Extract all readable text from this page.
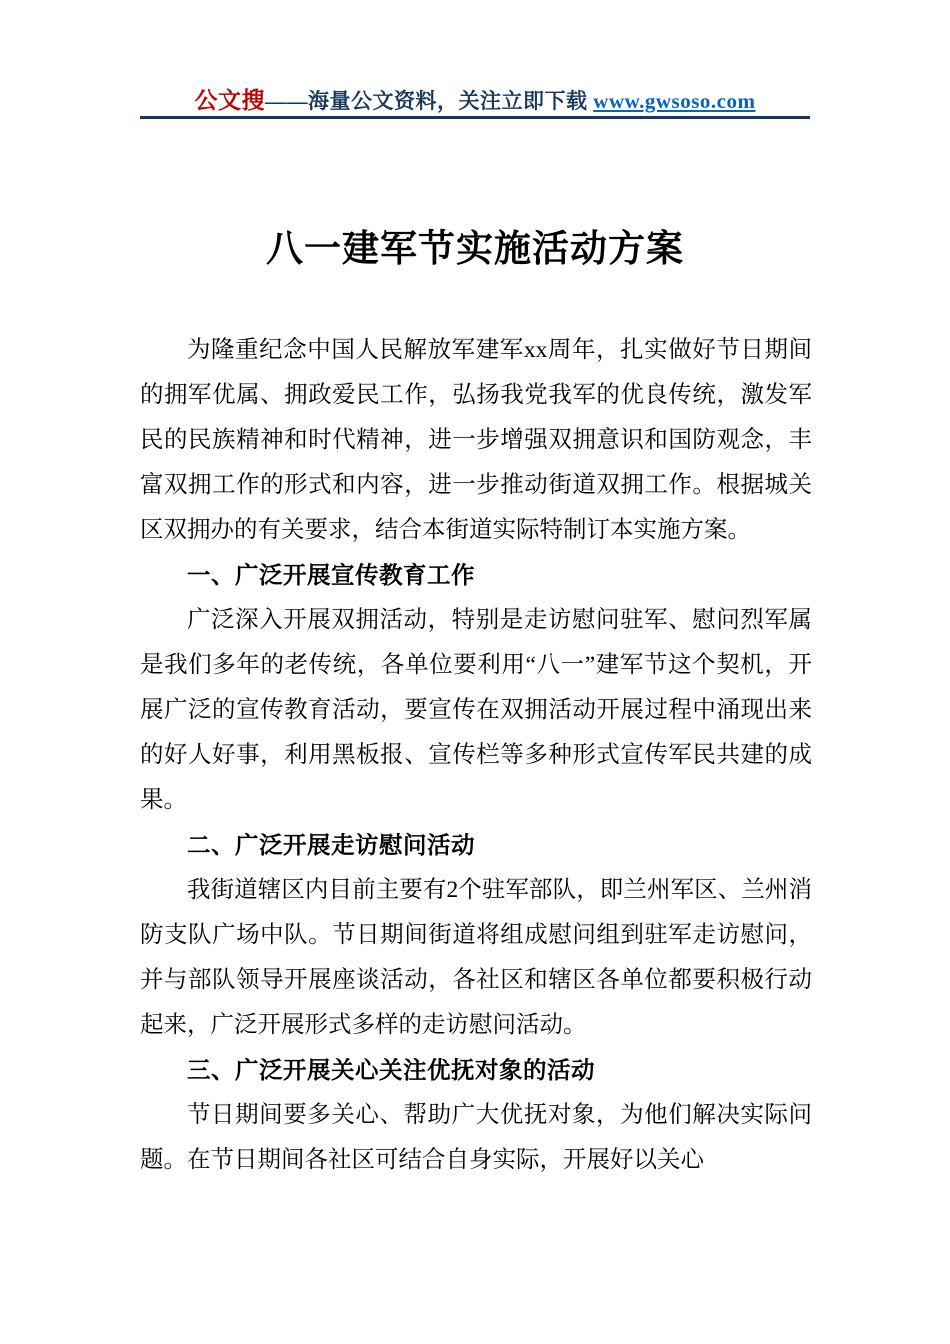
公文搜——海量公文资料，关注立即下载 www.gwsoso.com
八一建军节实施活动方案

为隆重纪念中国人民解放军建军xx周年，扎实做好节日期间的拥军优属、拥政爱民工作，弘扬我党我军的优良传统，激发军民的民族精神和时代精神，进一步增强双拥意识和国防观念，丰富双拥工作的形式和内容，进一步推动街道双拥工作。根据城关区双拥办的有关要求，结合本街道实际特制订本实施方案。

一、广泛开展宣传教育工作

广泛深入开展双拥活动，特别是走访慰问驻军、慰问烈军属是我们多年的老传统，各单位要利用“八一”建军节这个契机，开展广泛的宣传教育活动，要宣传在双拥活动开展过程中涌现出来的好人好事，利用黑板报、宣传栏等多种形式宣传军民共建的成果。

二、广泛开展走访慰问活动

我街道辖区内目前主要有2个驻军部队，即兰州军区、兰州消防支队广场中队。节日期间街道将组成慰问组到驻军走访慰问，并与部队领导开展座谈活动，各社区和辖区各单位都要积极行动起来，广泛开展形式多样的走访慰问活动。

三、广泛开展关心关注优抚对象的活动

节日期间要多关心、帮助广大优抚对象，为他们解决实际问题。在节日期间各社区可结合自身实际，开展好以关心
